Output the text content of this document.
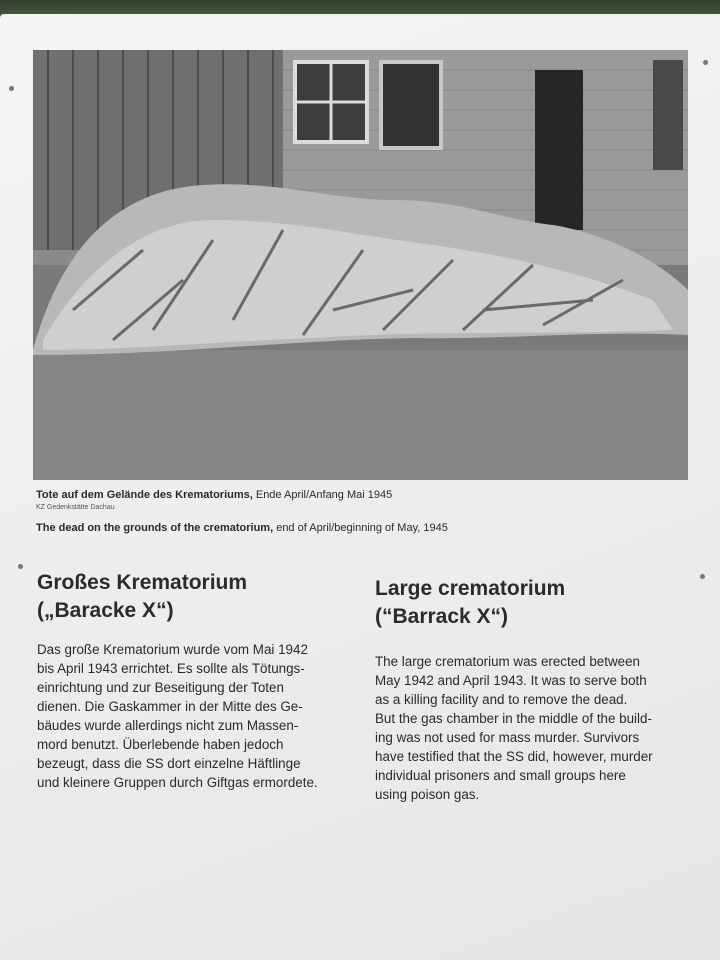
Tote auf dem Gelände des Krematoriums, Ende April/Anfang Mai 1945
KZ Gedenkstätte Dachau
The dead on the grounds of the crematorium, end of April/beginning of May, 1945
Großes Krematorium
(„Baracke X“)
Large crematorium
(“Barrack X“)
Das große Krematorium wurde vom Mai 1942
bis April 1943 errichtet. Es sollte als Tötungs-
einrichtung und zur Beseitigung der Toten
dienen. Die Gaskammer in der Mitte des Ge-
bäudes wurde allerdings nicht zum Massen-
mord benutzt. Überlebende haben jedoch
bezeugt, dass die SS dort einzelne Häftlinge
und kleinere Gruppen durch Giftgas ermordete.
The large crematorium was erected between
May 1942 and April 1943. It was to serve both
as a killing facility and to remove the dead.
But the gas chamber in the middle of the build-
ing was not used for mass murder. Survivors
have testified that the SS did, however, murder
individual prisoners and small groups here
using poison gas.
